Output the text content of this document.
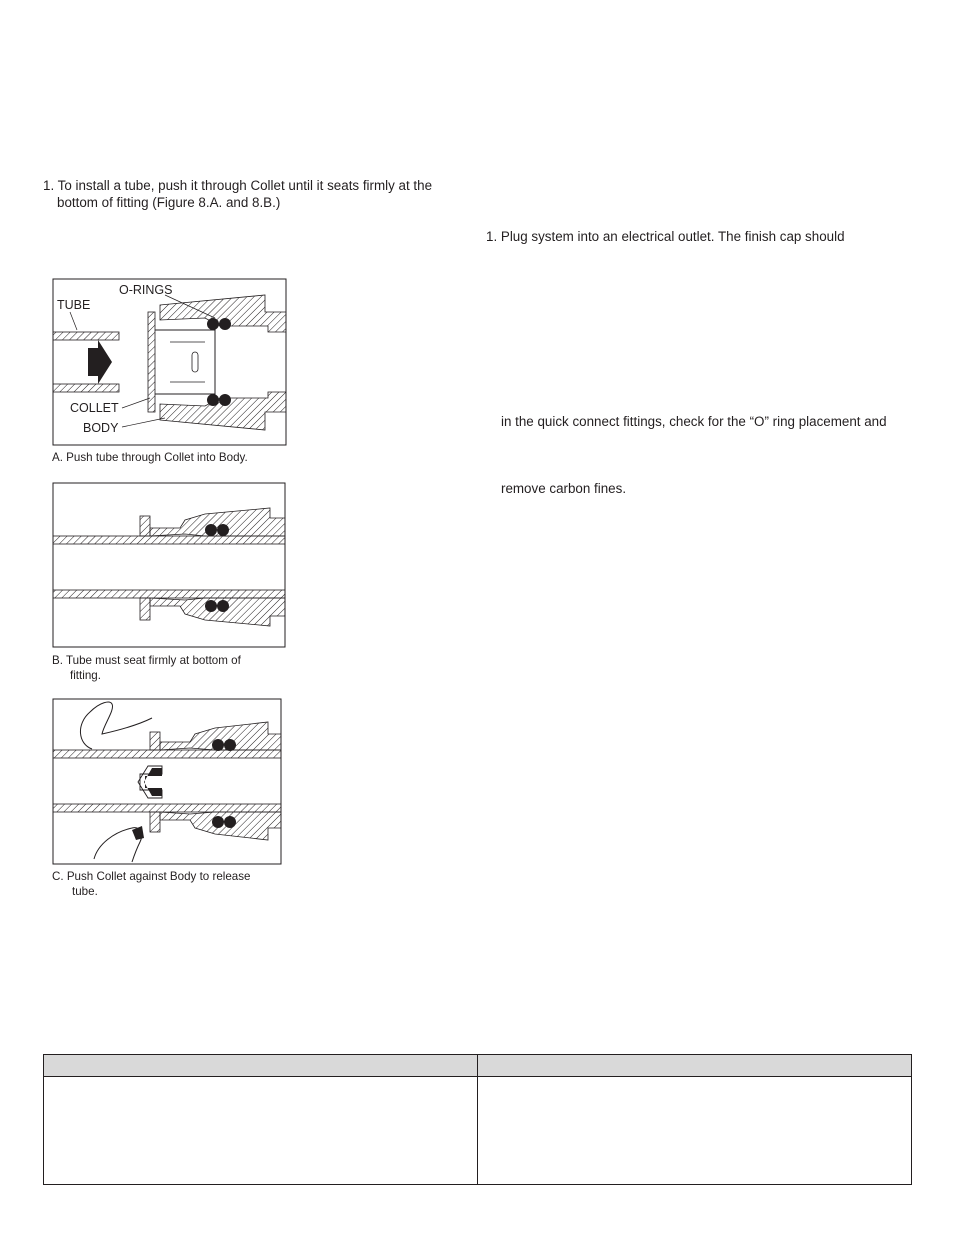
1. To install a tube, push it through Collet until it seats firmly at the
bottom of fitting (Figure 8.A. and 8.B.)
1. Plug system into an electrical outlet. The finish cap should
in the quick connect fittings, check for the “O” ring placement and
remove carbon fines.
O-RINGS
TUBE
COLLET
BODY
A. Push tube through Collet into Body.
B. Tube must seat firmly at bottom of
fitting.
C. Push Collet against Body to release
tube.
